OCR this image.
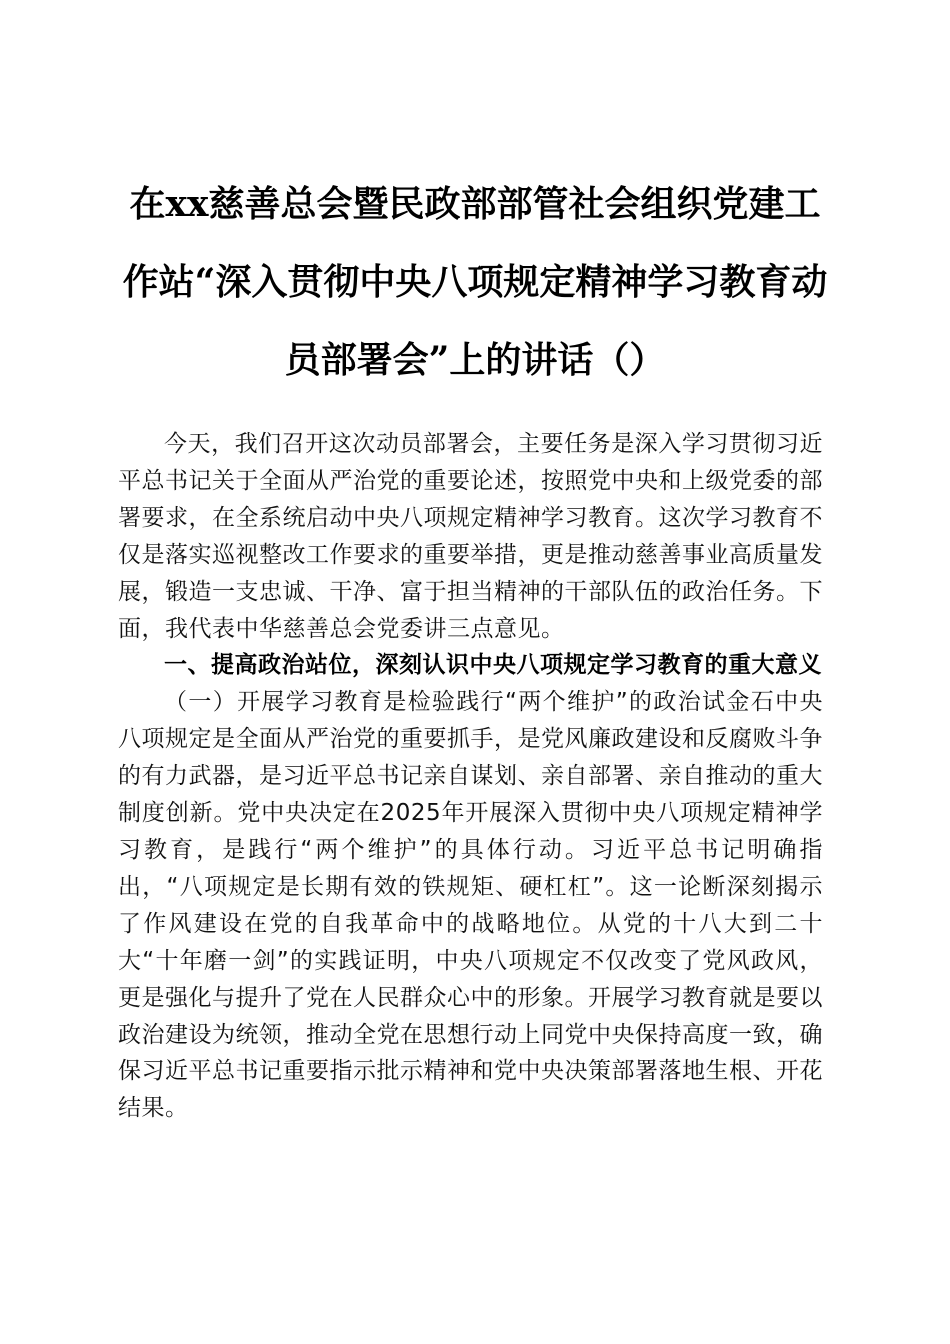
在xx慈善总会暨民政部部管社会组织党建工
作站“深入贯彻中央八项规定精神学习教育动
员部署会”上的讲话（）

今天，我们召开这次动员部署会，主要任务是深入学习贯彻习近平总书记关于全面从严治党的重要论述，按照党中央和上级党委的部署要求，在全系统启动中央八项规定精神学习教育。这次学习教育不仅是落实巡视整改工作要求的重要举措，更是推动慈善事业高质量发展，锻造一支忠诚、干净、富于担当精神的干部队伍的政治任务。下面，我代表中华慈善总会党委讲三点意见。

一、提高政治站位，深刻认识中央八项规定学习教育的重大意义

（一）开展学习教育是检验践行“两个维护”的政治试金石中央八项规定是全面从严治党的重要抓手，是党风廉政建设和反腐败斗争的有力武器，是习近平总书记亲自谋划、亲自部署、亲自推动的重大制度创新。党中央决定在2025年开展深入贯彻中央八项规定精神学习教育，是践行“两个维护”的具体行动。习近平总书记明确指出，“八项规定是长期有效的铁规矩、硬杠杠”。这一论断深刻揭示了作风建设在党的自我革命中的战略地位。从党的十八大到二十大“十年磨一剑”的实践证明，中央八项规定不仅改变了党风政风，更是强化与提升了党在人民群众心中的形象。开展学习教育就是要以政治建设为统领，推动全党在思想行动上同党中央保持高度一致，确保习近平总书记重要指示批示精神和党中央决策部署落地生根、开花结果。
